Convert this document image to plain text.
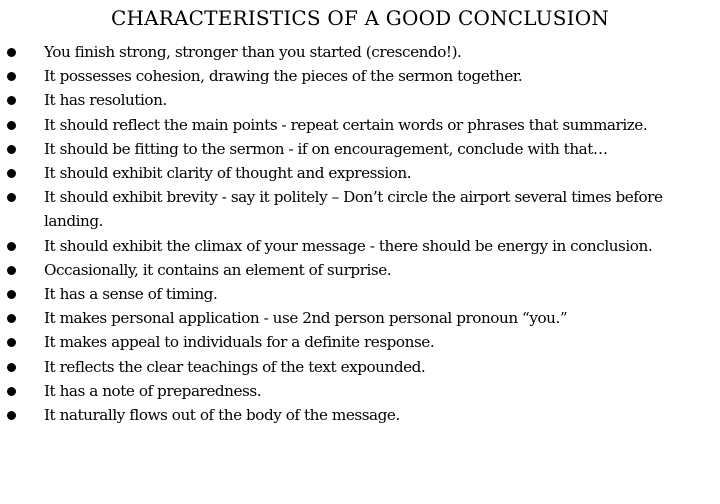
CHARACTERISTICS OF A GOOD CONCLUSION
You finish strong, stronger than you started (crescendo!).
It possesses cohesion, drawing the pieces of the sermon together.
It has resolution.
It should reflect the main points - repeat certain words or phrases that summarize.
It should be fitting to the sermon - if on encouragement, conclude with that…
It should exhibit clarity of thought and expression.
It should exhibit brevity - say it politely – Don’t circle the airport several times before landing.
It should exhibit the climax of your message - there should be energy in conclusion.
Occasionally, it contains an element of surprise.
It has a sense of timing.
It makes personal application - use 2nd person personal pronoun “you.”
It makes appeal to individuals for a definite response.
It reflects the clear teachings of the text expounded.
It has a note of preparedness.
It naturally flows out of the body of the message.
